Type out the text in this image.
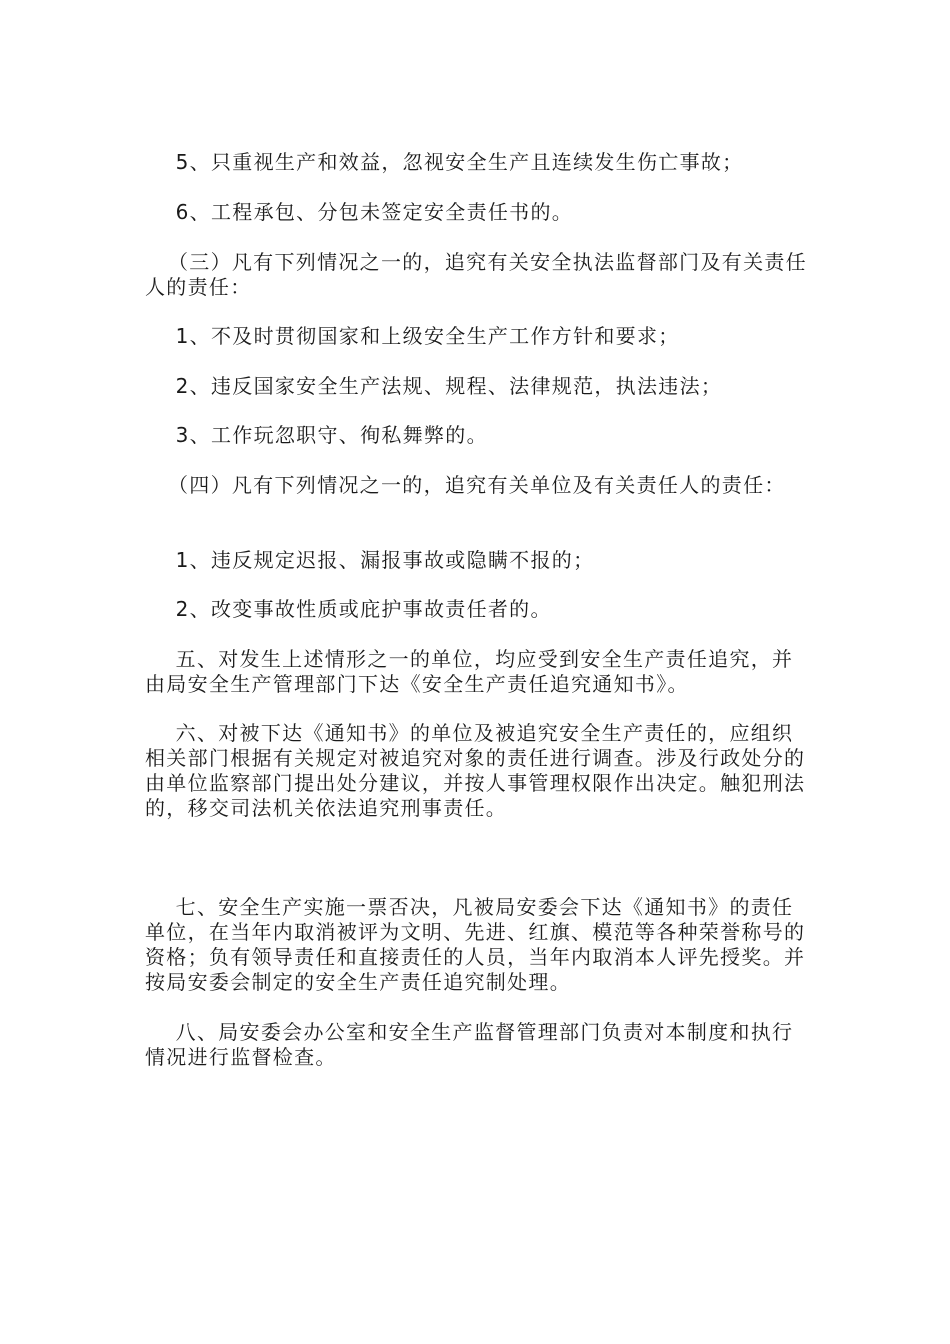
5、只重视生产和效益，忽视安全生产且连续发生伤亡事故；

6、工程承包、分包未签定安全责任书的。

（三）凡有下列情况之一的，追究有关安全执法监督部门及有关责任人的责任：

1、不及时贯彻国家和上级安全生产工作方针和要求；

2、违反国家安全生产法规、规程、法律规范，执法违法；

3、工作玩忽职守、徇私舞弊的。

（四）凡有下列情况之一的，追究有关单位及有关责任人的责任：

1、违反规定迟报、漏报事故或隐瞒不报的；

2、改变事故性质或庇护事故责任者的。

五、对发生上述情形之一的单位，均应受到安全生产责任追究，并由局安全生产管理部门下达《安全生产责任追究通知书》。

六、对被下达《通知书》的单位及被追究安全生产责任的，应组织相关部门根据有关规定对被追究对象的责任进行调查。涉及行政处分的由单位监察部门提出处分建议，并按人事管理权限作出决定。触犯刑法的，移交司法机关依法追究刑事责任。

七、安全生产实施一票否决，凡被局安委会下达《通知书》的责任单位，在当年内取消被评为文明、先进、红旗、模范等各种荣誉称号的资格；负有领导责任和直接责任的人员，当年内取消本人评先授奖。并按局安委会制定的安全生产责任追究制处理。

八、局安委会办公室和安全生产监督管理部门负责对本制度和执行情况进行监督检查。
